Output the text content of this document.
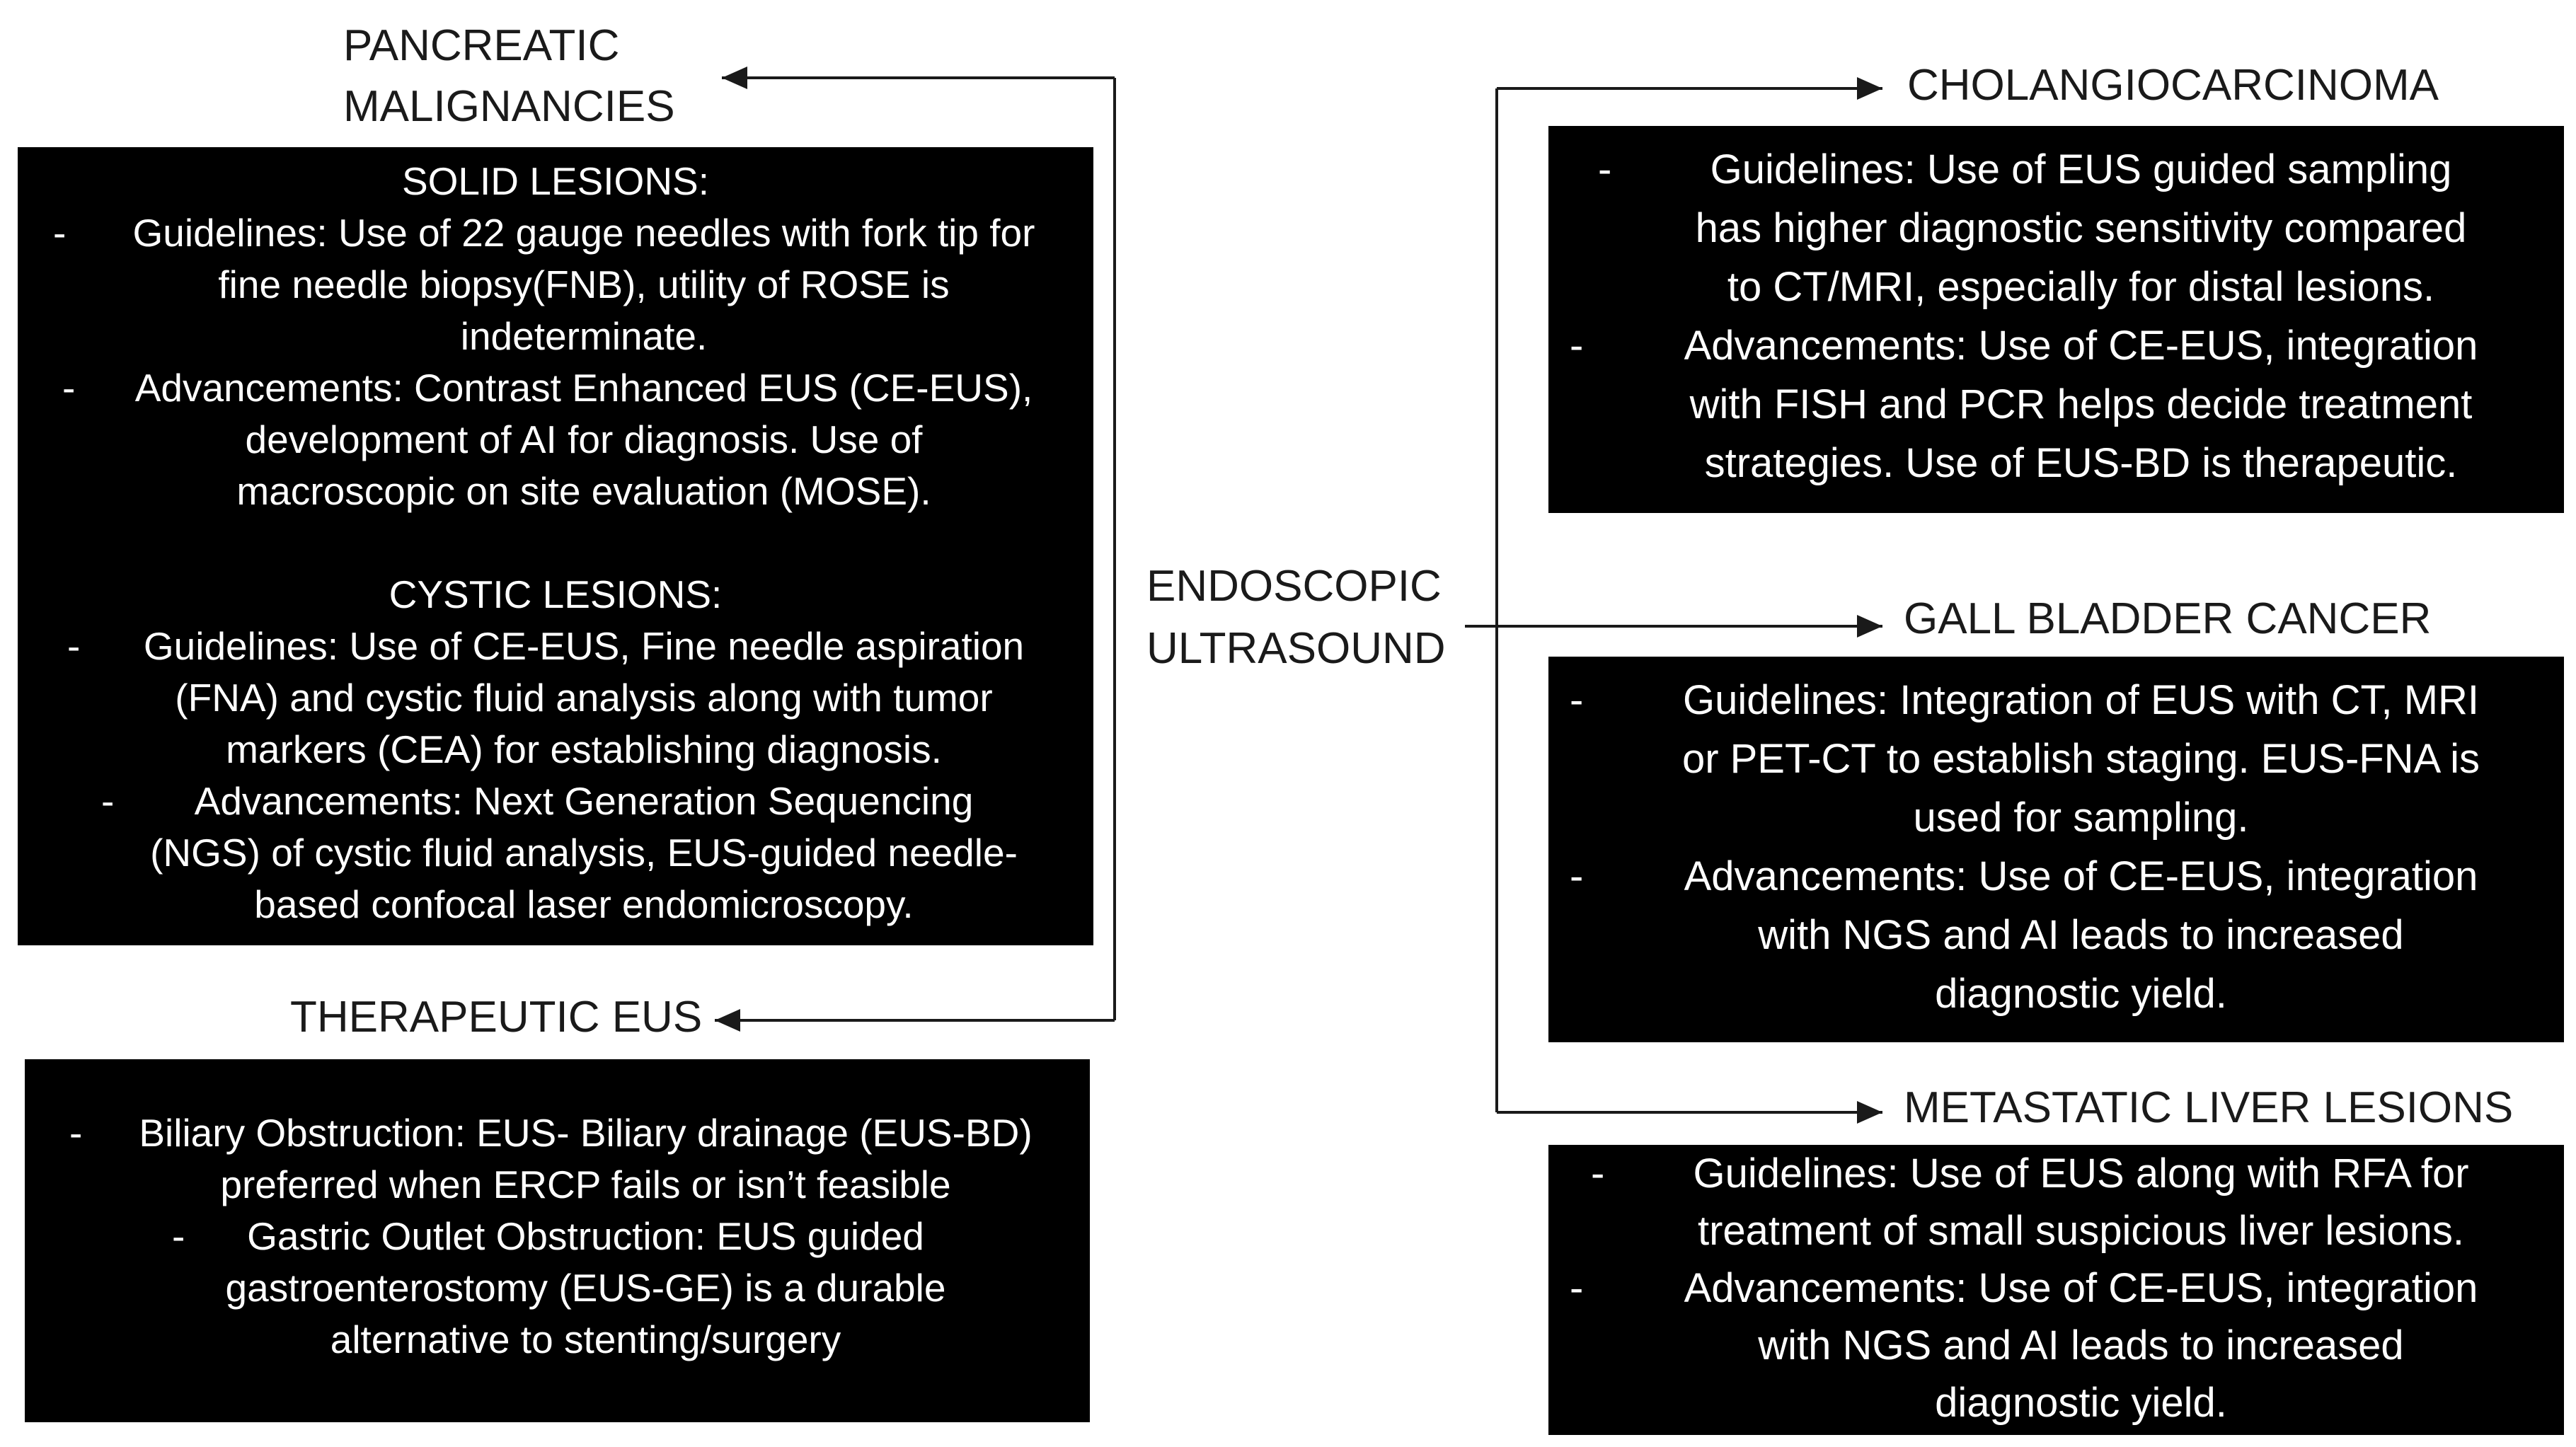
ENDOSCOPIC
ULTRASOUND
PANCREATIC
MALIGNANCIES
SOLID LESIONS:
-	Guidelines: Use of 22 gauge needles with fork tip for
fine needle biopsy(FNB), utility of ROSE is
indeterminate.
-	Advancements: Contrast Enhanced EUS (CE-EUS),
development of AI for diagnosis. Use of
macroscopic on site evaluation (MOSE).
CYSTIC LESIONS:
-	Guidelines: Use of CE-EUS, Fine needle aspiration
(FNA) and cystic fluid analysis along with tumor
markers (CEA) for establishing diagnosis.
-	Advancements: Next Generation Sequencing
(NGS) of cystic fluid analysis, EUS-guided needle-
based confocal laser endomicroscopy.
THERAPEUTIC EUS
-	Biliary Obstruction: EUS- Biliary drainage (EUS-BD)
preferred when ERCP fails or isn’t feasible
-	Gastric Outlet Obstruction: EUS guided
gastroenterostomy (EUS-GE) is a durable
alternative to stenting/surgery
CHOLANGIOCARCINOMA
-	Guidelines: Use of EUS guided sampling
has higher diagnostic sensitivity compared
to CT/MRI, especially for distal lesions.
-	Advancements: Use of CE-EUS, integration
with FISH and PCR helps decide treatment
strategies. Use of EUS-BD is therapeutic.
GALL BLADDER CANCER
-	Guidelines: Integration of EUS with CT, MRI
or PET-CT to establish staging. EUS-FNA is
used for sampling.
-	Advancements: Use of CE-EUS, integration
with NGS and AI leads to increased
diagnostic yield.
METASTATIC LIVER LESIONS
-	Guidelines: Use of EUS along with RFA for
treatment of small suspicious liver lesions.
-	Advancements: Use of CE-EUS, integration
with NGS and AI leads to increased
diagnostic yield.
